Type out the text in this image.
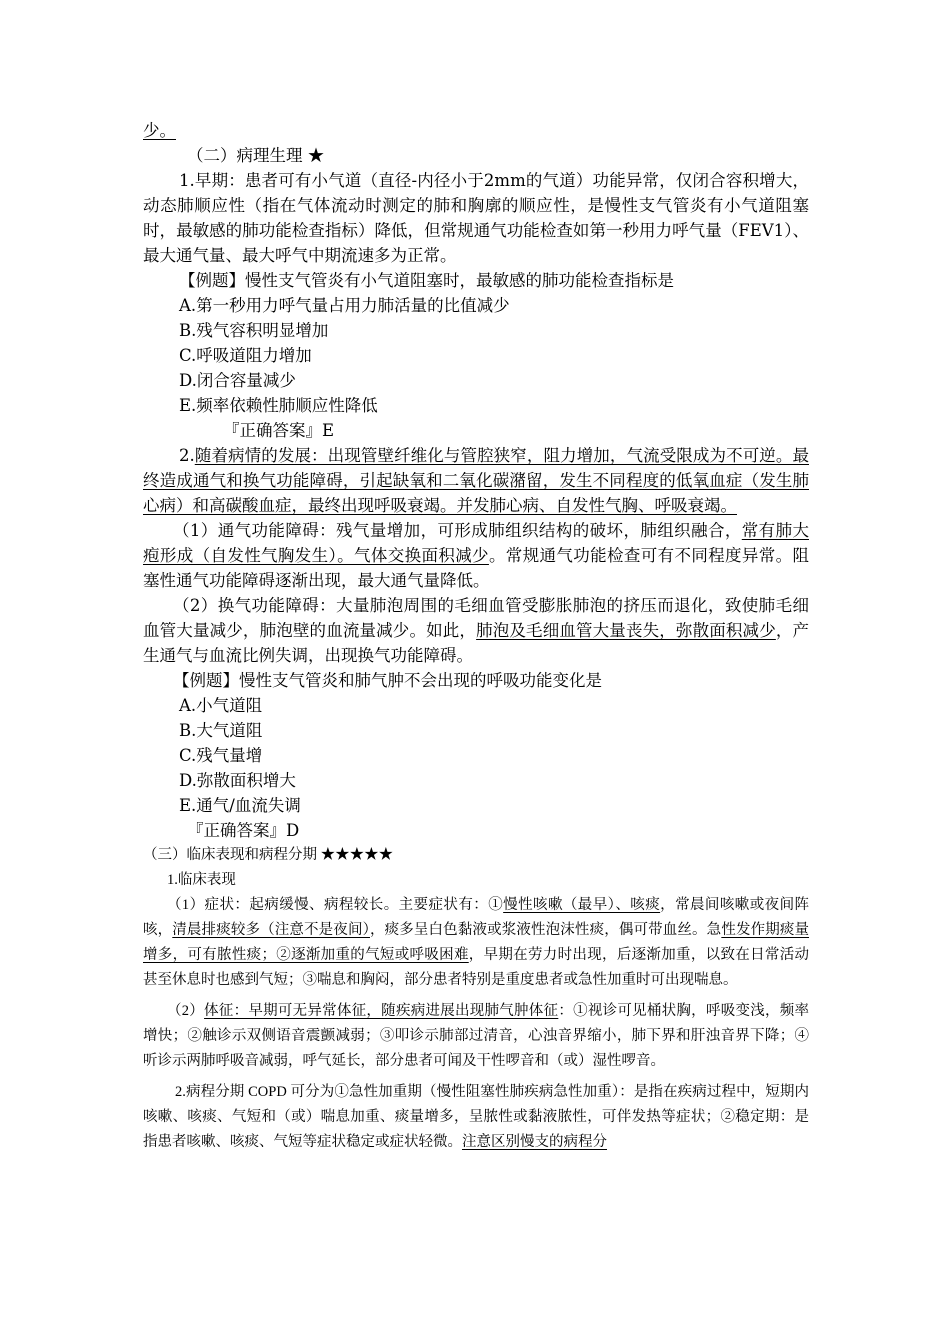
少。

（二）病理生理 ★

1.早期：患者可有小气道（直径-内径小于2mm的气道）功能异常，仅闭合容积增大，动态肺顺应性（指在气体流动时测定的肺和胸廓的顺应性，是慢性支气管炎有小气道阻塞时，最敏感的肺功能检查指标）降低，但常规通气功能检查如第一秒用力呼气量（FEV1）、最大通气量、最大呼气中期流速多为正常。

【例题】慢性支气管炎有小气道阻塞时，最敏感的肺功能检查指标是

A.第一秒用力呼气量占用力肺活量的比值减少

B.残气容积明显增加

C.呼吸道阻力增加

D.闭合容量减少

E.频率依赖性肺顺应性降低

『正确答案』E

2.随着病情的发展：出现管壁纤维化与管腔狭窄，阻力增加，气流受限成为不可逆。最终造成通气和换气功能障碍，引起缺氧和二氧化碳潴留，发生不同程度的低氧血症（发生肺心病）和高碳酸血症，最终出现呼吸衰竭。并发肺心病、自发性气胸、呼吸衰竭。

（1）通气功能障碍：残气量增加，可形成肺组织结构的破坏，肺组织融合，常有肺大疱形成（自发性气胸发生）。气体交换面积减少。常规通气功能检查可有不同程度异常。阻塞性通气功能障碍逐渐出现，最大通气量降低。

（2）换气功能障碍：大量肺泡周围的毛细血管受膨胀肺泡的挤压而退化，致使肺毛细血管大量减少，肺泡壁的血流量减少。如此，肺泡及毛细血管大量丧失，弥散面积减少，产生通气与血流比例失调，出现换气功能障碍。

【例题】慢性支气管炎和肺气肿不会出现的呼吸功能变化是

A.小气道阻

B.大气道阻

C.残气量增

D.弥散面积增大

E.通气/血流失调

『正确答案』D

（三）临床表现和病程分期 ★★★★★

1.临床表现

（1）症状：起病缓慢、病程较长。主要症状有：①慢性咳嗽（最早）、咳痰，常晨间咳嗽或夜间阵咳，清晨排痰较多（注意不是夜间），痰多呈白色黏液或浆液性泡沫性痰，偶可带血丝。急性发作期痰量增多，可有脓性痰；②逐渐加重的气短或呼吸困难，早期在劳力时出现，后逐渐加重，以致在日常活动甚至休息时也感到气短；③喘息和胸闷，部分患者特别是重度患者或急性加重时可出现喘息。

（2）体征：早期可无异常体征，随疾病进展出现肺气肿体征：①视诊可见桶状胸，呼吸变浅，频率增快；②触诊示双侧语音震颤减弱；③叩诊示肺部过清音，心浊音界缩小，肺下界和肝浊音界下降；④听诊示两肺呼吸音减弱，呼气延长，部分患者可闻及干性啰音和（或）湿性啰音。

2.病程分期 COPD 可分为①急性加重期（慢性阻塞性肺疾病急性加重）：是指在疾病过程中，短期内咳嗽、咳痰、气短和（或）喘息加重、痰量增多，呈脓性或黏液脓性，可伴发热等症状；②稳定期：是指患者咳嗽、咳痰、气短等症状稳定或症状轻微。注意区别慢支的病程分
